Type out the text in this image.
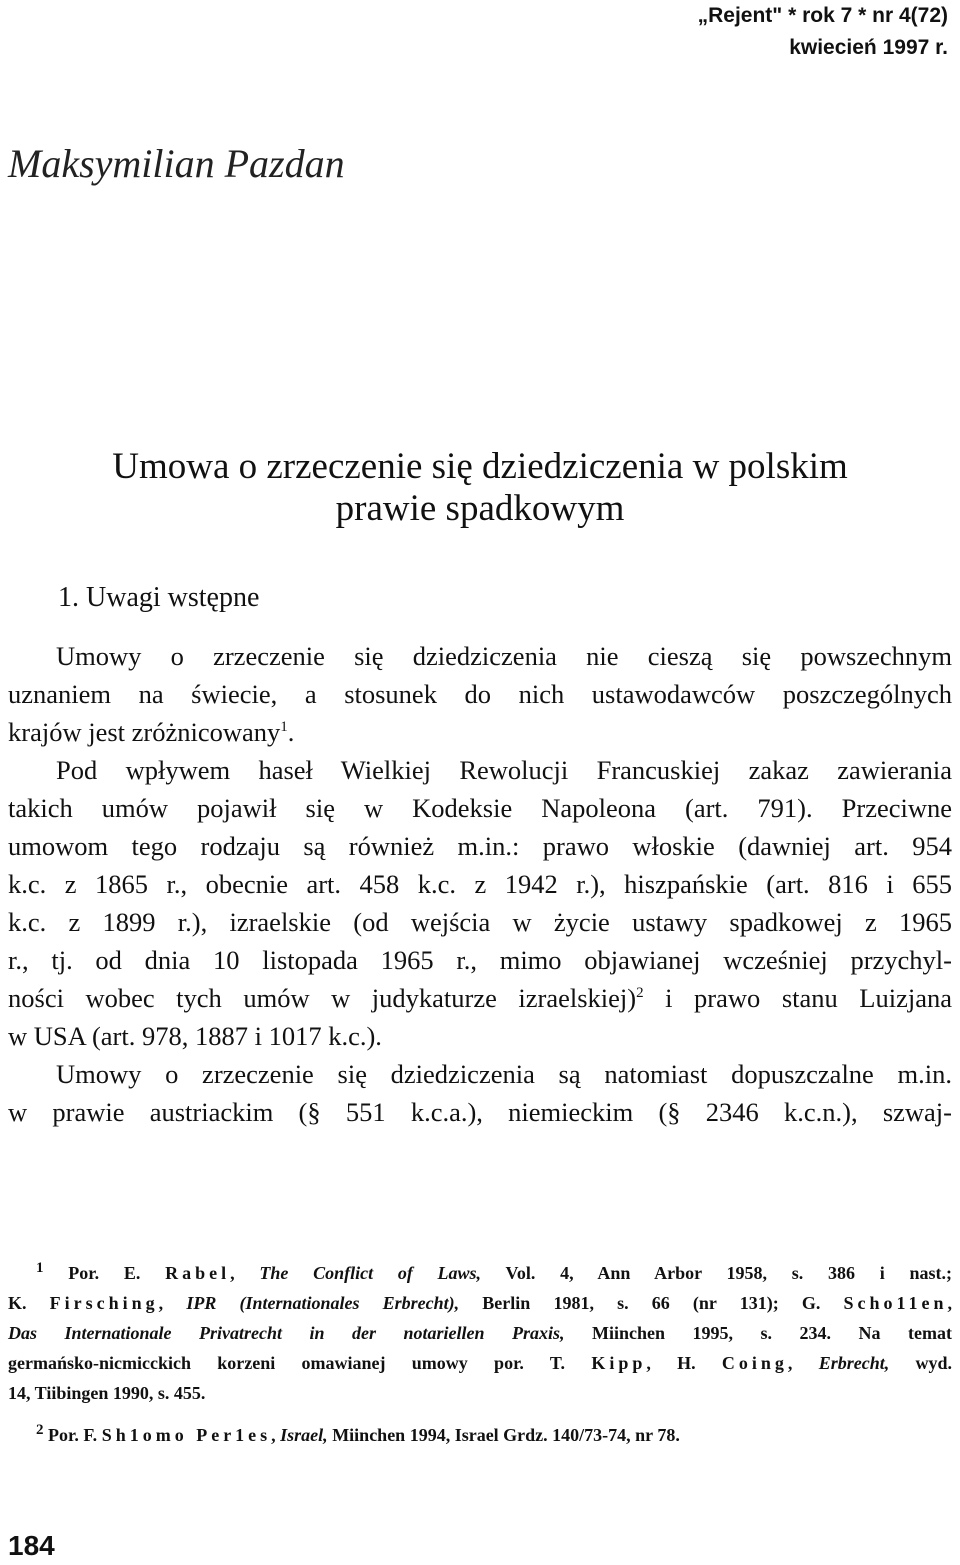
„Rejent" * rok 7 * nr 4(72)
kwiecień 1997 r.
Maksymilian Pazdan
Umowa o zrzeczenie się dziedziczenia w polskim
prawie spadkowym
1. Uwagi wstępne
Umowy o zrzeczenie się dziedziczenia nie cieszą się powszechnym
uznaniem na świecie, a stosunek do nich ustawodawców poszczególnych
krajów jest zróżnicowany$^1$.
Pod wpływem haseł Wielkiej Rewolucji Francuskiej zakaz zawierania
takich umów pojawił się w Kodeksie Napoleona (art. 791). Przeciwne
umowom tego rodzaju są również m.in.: prawo włoskie (dawniej art. 954
k.c. z 1865 r., obecnie art. 458 k.c. z 1942 r.), hiszpańskie (art. 816 i 655
k.c. z 1899 r.), izraelskie (od wejścia w życie ustawy spadkowej z 1965
r., tj. od dnia 10 listopada 1965 r., mimo objawianej wcześniej przychyl-
ności wobec tych umów w judykaturze izraelskiej)$^2$ i prawo stanu Luizjana
w USA (art. 978, 1887 i 1017 k.c.).
Umowy o zrzeczenie się dziedziczenia są natomiast dopuszczalne m.in.
w prawie austriackim (§ 551 k.c.a.), niemieckim (§ 2346 k.c.n.), szwaj-
$^1$ Por. E. Rabel, The Conflict of Laws, Vol. 4, Ann Arbor 1958, s. 386 i nast.;
K. Firsching, IPR (Internationales Erbrecht), Berlin 1981, s. 66 (nr 131); G. Scho11en,
Das Internationale Privatrecht in der notariellen Praxis, Miinchen 1995, s. 234. Na temat
germańsko-nicmicckich korzeni omawianej umowy por. T. Kipp, H. Coing, Erbrecht, wyd.
14, Tiibingen 1990, s. 455.
$^2$ Por. F. Sh1omo Per1es, Israel, Miinchen 1994, Israel Grdz. 140/73-74, nr 78.
184
